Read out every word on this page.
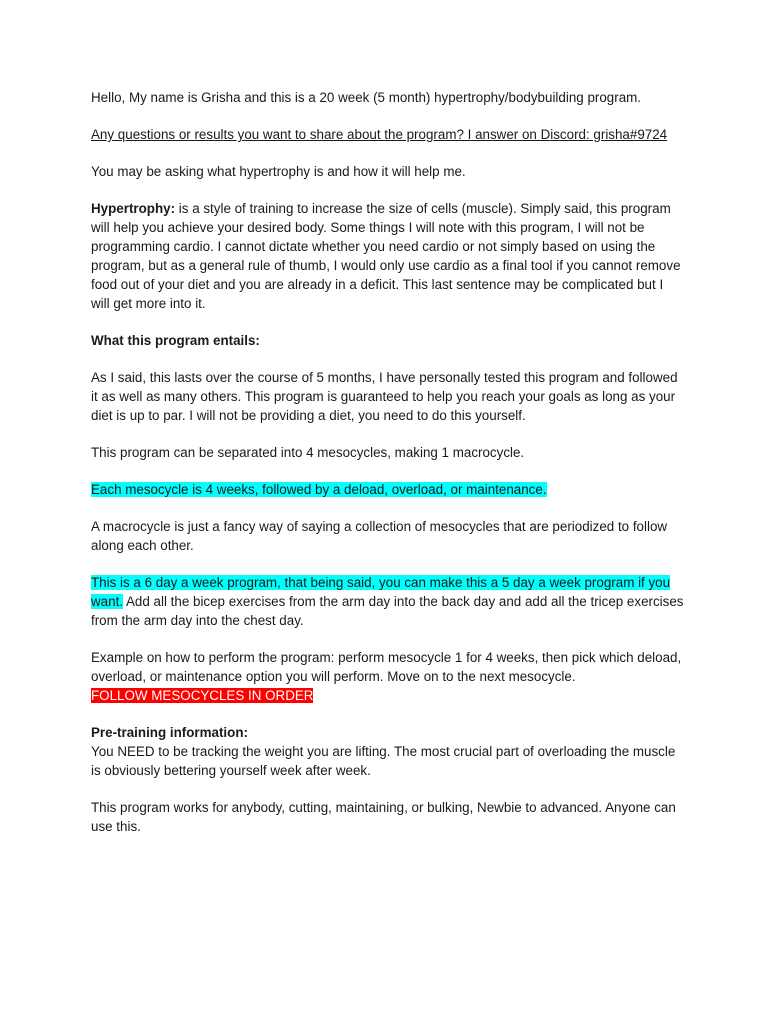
Hello, My name is Grisha and this is a 20 week (5 month) hypertrophy/bodybuilding program.

Any questions or results you want to share about the program? I answer on Discord: grisha#9724

You may be asking what hypertrophy is and how it will help me.

Hypertrophy: is a style of training to increase the size of cells (muscle). Simply said, this program will help you achieve your desired body. Some things I will note with this program, I will not be programming cardio. I cannot dictate whether you need cardio or not simply based on using the program, but as a general rule of thumb, I would only use cardio as a final tool if you cannot remove food out of your diet and you are already in a deficit. This last sentence may be complicated but I will get more into it.

What this program entails:

As I said, this lasts over the course of 5 months, I have personally tested this program and followed it as well as many others. This program is guaranteed to help you reach your goals as long as your diet is up to par. I will not be providing a diet, you need to do this yourself.

This program can be separated into 4 mesocycles, making 1 macrocycle.

Each mesocycle is 4 weeks, followed by a deload, overload, or maintenance.

A macrocycle is just a fancy way of saying a collection of mesocycles that are periodized to follow along each other.

This is a 6 day a week program, that being said, you can make this a 5 day a week program if you want. Add all the bicep exercises from the arm day into the back day and add all the tricep exercises from the arm day into the chest day.

Example on how to perform the program: perform mesocycle 1 for 4 weeks, then pick which deload, overload, or maintenance option you will perform. Move on to the next mesocycle.
FOLLOW MESOCYCLES IN ORDER

Pre-training information:

You NEED to be tracking the weight you are lifting. The most crucial part of overloading the muscle is obviously bettering yourself week after week.

This program works for anybody, cutting, maintaining, or bulking, Newbie to advanced. Anyone can use this.
